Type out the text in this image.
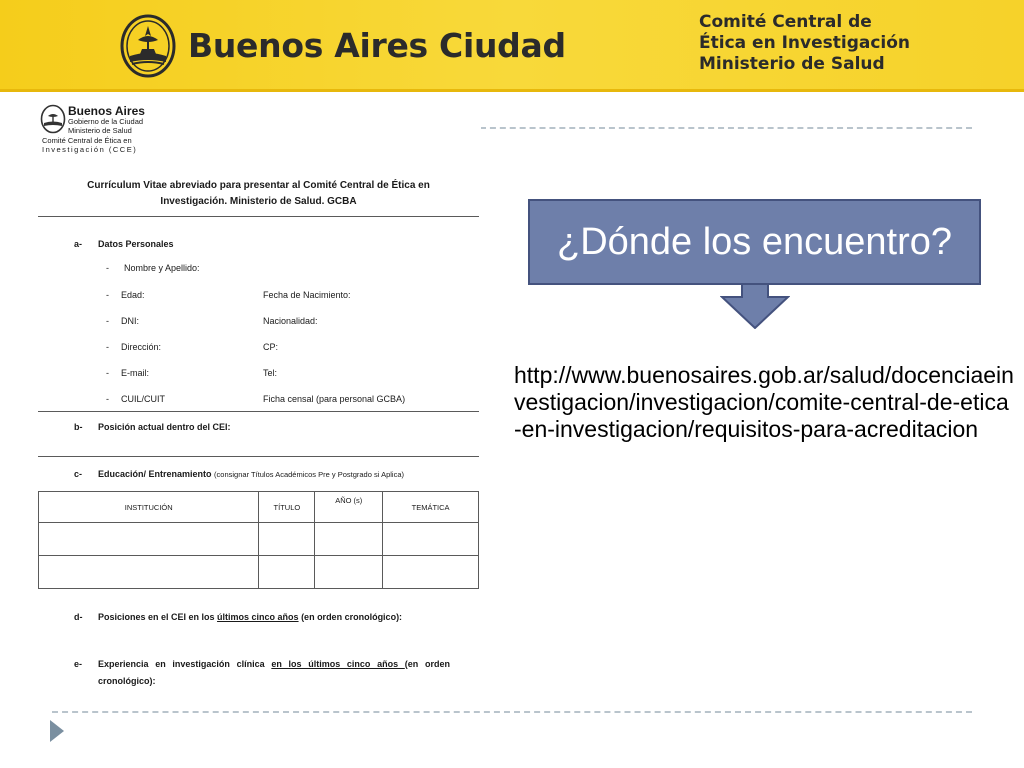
Buenos Aires Ciudad
Comité Central de
Ética en Investigación
Ministerio de Salud
Buenos Aires
Gobierno de la Ciudad
Ministerio de Salud
Comité Central de Ética en
Investigación (CCE)
Currículum Vitae abreviado para presentar al Comité Central de Ética en Investigación. Ministerio de Salud. GCBA
a- Datos Personales
- Nombre y Apellido:
- Edad:	Fecha de Nacimiento:
- DNI:	Nacionalidad:
- Dirección:	CP:
- E-mail:	Tel:
- CUIL/CUIT	Ficha censal (para personal GCBA)
b- Posición actual dentro del CEI:
c- Educación/ Entrenamiento (consignar Títulos Académicos Pre y Postgrado si Aplica)
INSTITUCIÓN	TÍTULO	AÑO (s)	TEMÁTICA

d- Posiciones en el CEI en los últimos cinco años (en orden cronológico):
e- Experiencia en investigación clínica en los últimos cinco años (en orden cronológico):
¿Dónde los encuentro?
http://www.buenosaires.gob.ar/salud/docenciaeinvestigacion/investigacion/comite-central-de-etica-en-investigacion/requisitos-para-acreditacion
